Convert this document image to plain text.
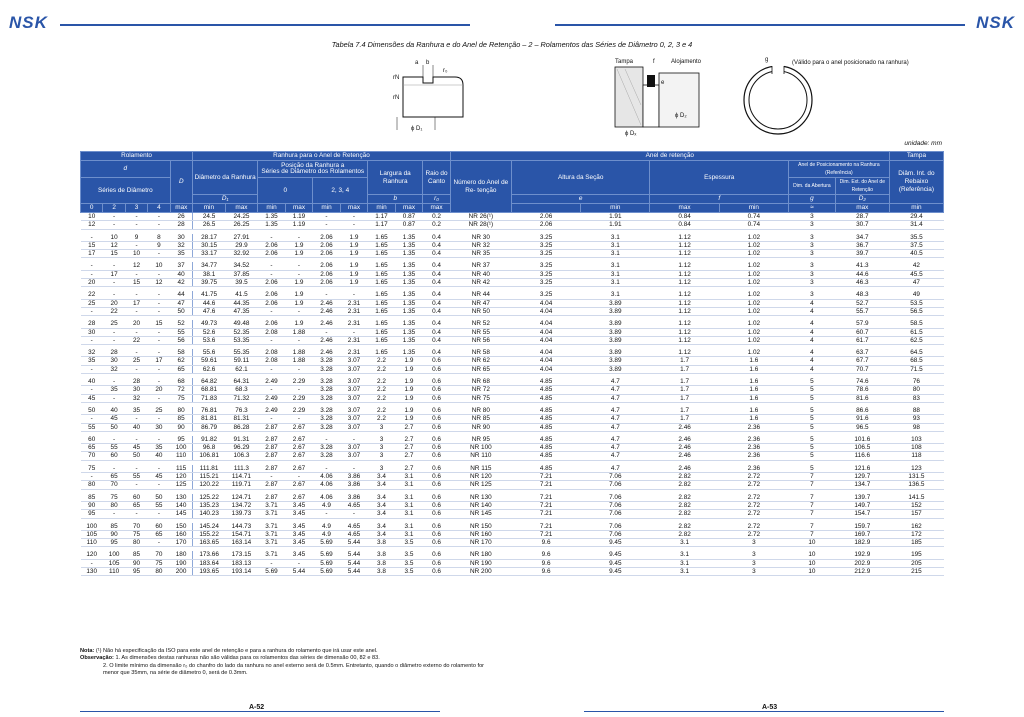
NSK	NSK
Tabela 7.4 Dimensões da Ranhura e do Anel de Retenção – 2 – Rolamentos das Séries de Diâmetro 0, 2, 3 e 4
a b
r₀
rN
rN
ϕ D₁
Tampa	f	Alojamento
e
ϕ D₂
ϕ Dₓ
g	(Válido para o anel posicionado na ranhura)
unidade: mm
Rolamento					Ranhura para o Anel de Retenção									Anel de retenção							Tampa
d				D	Diâmetro da Ranhura		Posição da Ranhura a
Séries de Diâmetro dos Rolamentos				Largura da Ranhura		Raio do Canto	Número do Anel de Re- tenção	Altura da Seção		Espessura		Anel de Posicionamento na Ranhura (Referência)		Diâm. Int. do Rebaixo (Referência)
Séries de Diâmetro							0		2, 3, 4										Dim. da Abertura	Dim. Ext. do Anel de Retenção	
					D₁						b		r₀		e		f		g	D₂	
0	2	3	4	max	min	max	min	max	min	max	min	max	max			min	max	min	≈	max	min
10	-	-	-	26	24.5	24.25	1.35	1.19	-	-	1.17	0.87	0.2	NR 26(¹)	2.06	1.91	0.84	0.74	3	28.7	29.4
12	-	-	-	28	26.5	26.25	1.35	1.19	-	-	1.17	0.87	0.2	NR 28(¹)	2.06	1.91	0.84	0.74	3	30.7	31.4

-	10	9	8	30	28.17	27.91	-	-	2.06	1.9	1.65	1.35	0.4	NR 30	3.25	3.1	1.12	1.02	3	34.7	35.5
15	12	-	9	32	30.15	29.9	2.06	1.9	2.06	1.9	1.65	1.35	0.4	NR 32	3.25	3.1	1.12	1.02	3	36.7	37.5
17	15	10	-	35	33.17	32.92	2.06	1.9	2.06	1.9	1.65	1.35	0.4	NR 35	3.25	3.1	1.12	1.02	3	39.7	40.5

-	-	12	10	37	34.77	34.52	-	-	2.06	1.9	1.65	1.35	0.4	NR 37	3.25	3.1	1.12	1.02	3	41.3	42
-	17	-	-	40	38.1	37.85	-	-	2.06	1.9	1.65	1.35	0.4	NR 40	3.25	3.1	1.12	1.02	3	44.6	45.5
20	-	15	12	42	39.75	39.5	2.06	1.9	2.06	1.9	1.65	1.35	0.4	NR 42	3.25	3.1	1.12	1.02	3	46.3	47

22	-	-	-	44	41.75	41.5	2.06	1.9	-	-	1.65	1.35	0.4	NR 44	3.25	3.1	1.12	1.02	3	48.3	49
25	20	17	-	47	44.6	44.35	2.06	1.9	2.46	2.31	1.65	1.35	0.4	NR 47	4.04	3.89	1.12	1.02	4	52.7	53.5
-	22	-	-	50	47.6	47.35	-	-	2.46	2.31	1.65	1.35	0.4	NR 50	4.04	3.89	1.12	1.02	4	55.7	56.5

28	25	20	15	52	49.73	49.48	2.06	1.9	2.46	2.31	1.65	1.35	0.4	NR 52	4.04	3.89	1.12	1.02	4	57.9	58.5
30	-	-	-	55	52.6	52.35	2.08	1.88	-	-	1.65	1.35	0.4	NR 55	4.04	3.89	1.12	1.02	4	60.7	61.5
-	-	22	-	56	53.6	53.35	-	-	2.46	2.31	1.65	1.35	0.4	NR 56	4.04	3.89	1.12	1.02	4	61.7	62.5

32	28	-	-	58	55.6	55.35	2.08	1.88	2.46	2.31	1.65	1.35	0.4	NR 58	4.04	3.89	1.12	1.02	4	63.7	64.5
35	30	25	17	62	59.61	59.11	2.08	1.88	3.28	3.07	2.2	1.9	0.6	NR 62	4.04	3.89	1.7	1.6	4	67.7	68.5
-	32	-	-	65	62.6	62.1	-	-	3.28	3.07	2.2	1.9	0.6	NR 65	4.04	3.89	1.7	1.6	4	70.7	71.5

40	-	28	-	68	64.82	64.31	2.49	2.29	3.28	3.07	2.2	1.9	0.6	NR 68	4.85	4.7	1.7	1.6	5	74.6	76
-	35	30	20	72	68.81	68.3	-	-	3.28	3.07	2.2	1.9	0.6	NR 72	4.85	4.7	1.7	1.6	5	78.6	80
45	-	32	-	75	71.83	71.32	2.49	2.29	3.28	3.07	2.2	1.9	0.6	NR 75	4.85	4.7	1.7	1.6	5	81.6	83

50	40	35	25	80	76.81	76.3	2.49	2.29	3.28	3.07	2.2	1.9	0.6	NR 80	4.85	4.7	1.7	1.6	5	86.6	88
-	45	-	-	85	81.81	81.31	-	-	3.28	3.07	2.2	1.9	0.6	NR 85	4.85	4.7	1.7	1.6	5	91.6	93
55	50	40	30	90	86.79	86.28	2.87	2.67	3.28	3.07	3	2.7	0.6	NR 90	4.85	4.7	2.46	2.36	5	96.5	98

60	-	-	-	95	91.82	91.31	2.87	2.67	-	-	3	2.7	0.6	NR 95	4.85	4.7	2.46	2.36	5	101.6	103
65	55	45	35	100	96.8	96.29	2.87	2.67	3.28	3.07	3	2.7	0.6	NR 100	4.85	4.7	2.46	2.36	5	106.5	108
70	60	50	40	110	106.81	106.3	2.87	2.67	3.28	3.07	3	2.7	0.6	NR 110	4.85	4.7	2.46	2.36	5	116.6	118

75	-	-	-	115	111.81	111.3	2.87	2.67	-	-	3	2.7	0.6	NR 115	4.85	4.7	2.46	2.36	5	121.6	123
-	65	55	45	120	115.21	114.71	-	-	4.06	3.86	3.4	3.1	0.6	NR 120	7.21	7.06	2.82	2.72	7	129.7	131.5
80	70	-	-	125	120.22	119.71	2.87	2.67	4.06	3.86	3.4	3.1	0.6	NR 125	7.21	7.06	2.82	2.72	7	134.7	136.5

85	75	60	50	130	125.22	124.71	2.87	2.67	4.06	3.86	3.4	3.1	0.6	NR 130	7.21	7.06	2.82	2.72	7	139.7	141.5
90	80	65	55	140	135.23	134.72	3.71	3.45	4.9	4.65	3.4	3.1	0.6	NR 140	7.21	7.06	2.82	2.72	7	149.7	152
95	-	-	-	145	140.23	139.73	3.71	3.45	-	-	3.4	3.1	0.6	NR 145	7.21	7.06	2.82	2.72	7	154.7	157

100	85	70	60	150	145.24	144.73	3.71	3.45	4.9	4.65	3.4	3.1	0.6	NR 150	7.21	7.06	2.82	2.72	7	159.7	162
105	90	75	65	160	155.22	154.71	3.71	3.45	4.9	4.65	3.4	3.1	0.6	NR 160	7.21	7.06	2.82	2.72	7	169.7	172
110	95	80	-	170	163.65	163.14	3.71	3.45	5.69	5.44	3.8	3.5	0.6	NR 170	9.6	9.45	3.1	3	10	182.9	185

120	100	85	70	180	173.66	173.15	3.71	3.45	5.69	5.44	3.8	3.5	0.6	NR 180	9.6	9.45	3.1	3	10	192.9	195
-	105	90	75	190	183.64	183.13	-	-	5.69	5.44	3.8	3.5	0.6	NR 190	9.6	9.45	3.1	3	10	202.9	205
130	110	95	80	200	193.65	193.14	5.69	5.44	5.69	5.44	3.8	3.5	0.6	NR 200	9.6	9.45	3.1	3	10	212.9	215
Nota: (¹) Não há especificação da ISO para este anel de retenção e para a ranhura do rolamento que irá usar este anel.
Observação: 1. As dimensões destas ranhuras não são válidas para os rolamentos das séries de dimensão 00, 82 e 83.
2. O limite mínimo da dimensão r₀ do chanfro do lado da ranhura no anel externo será de 0.5mm. Entretanto, quando o diâmetro externo do rolamento for
menor que 35mm, na série de diâmetro 0, será de 0.3mm.
A-52	A-53
